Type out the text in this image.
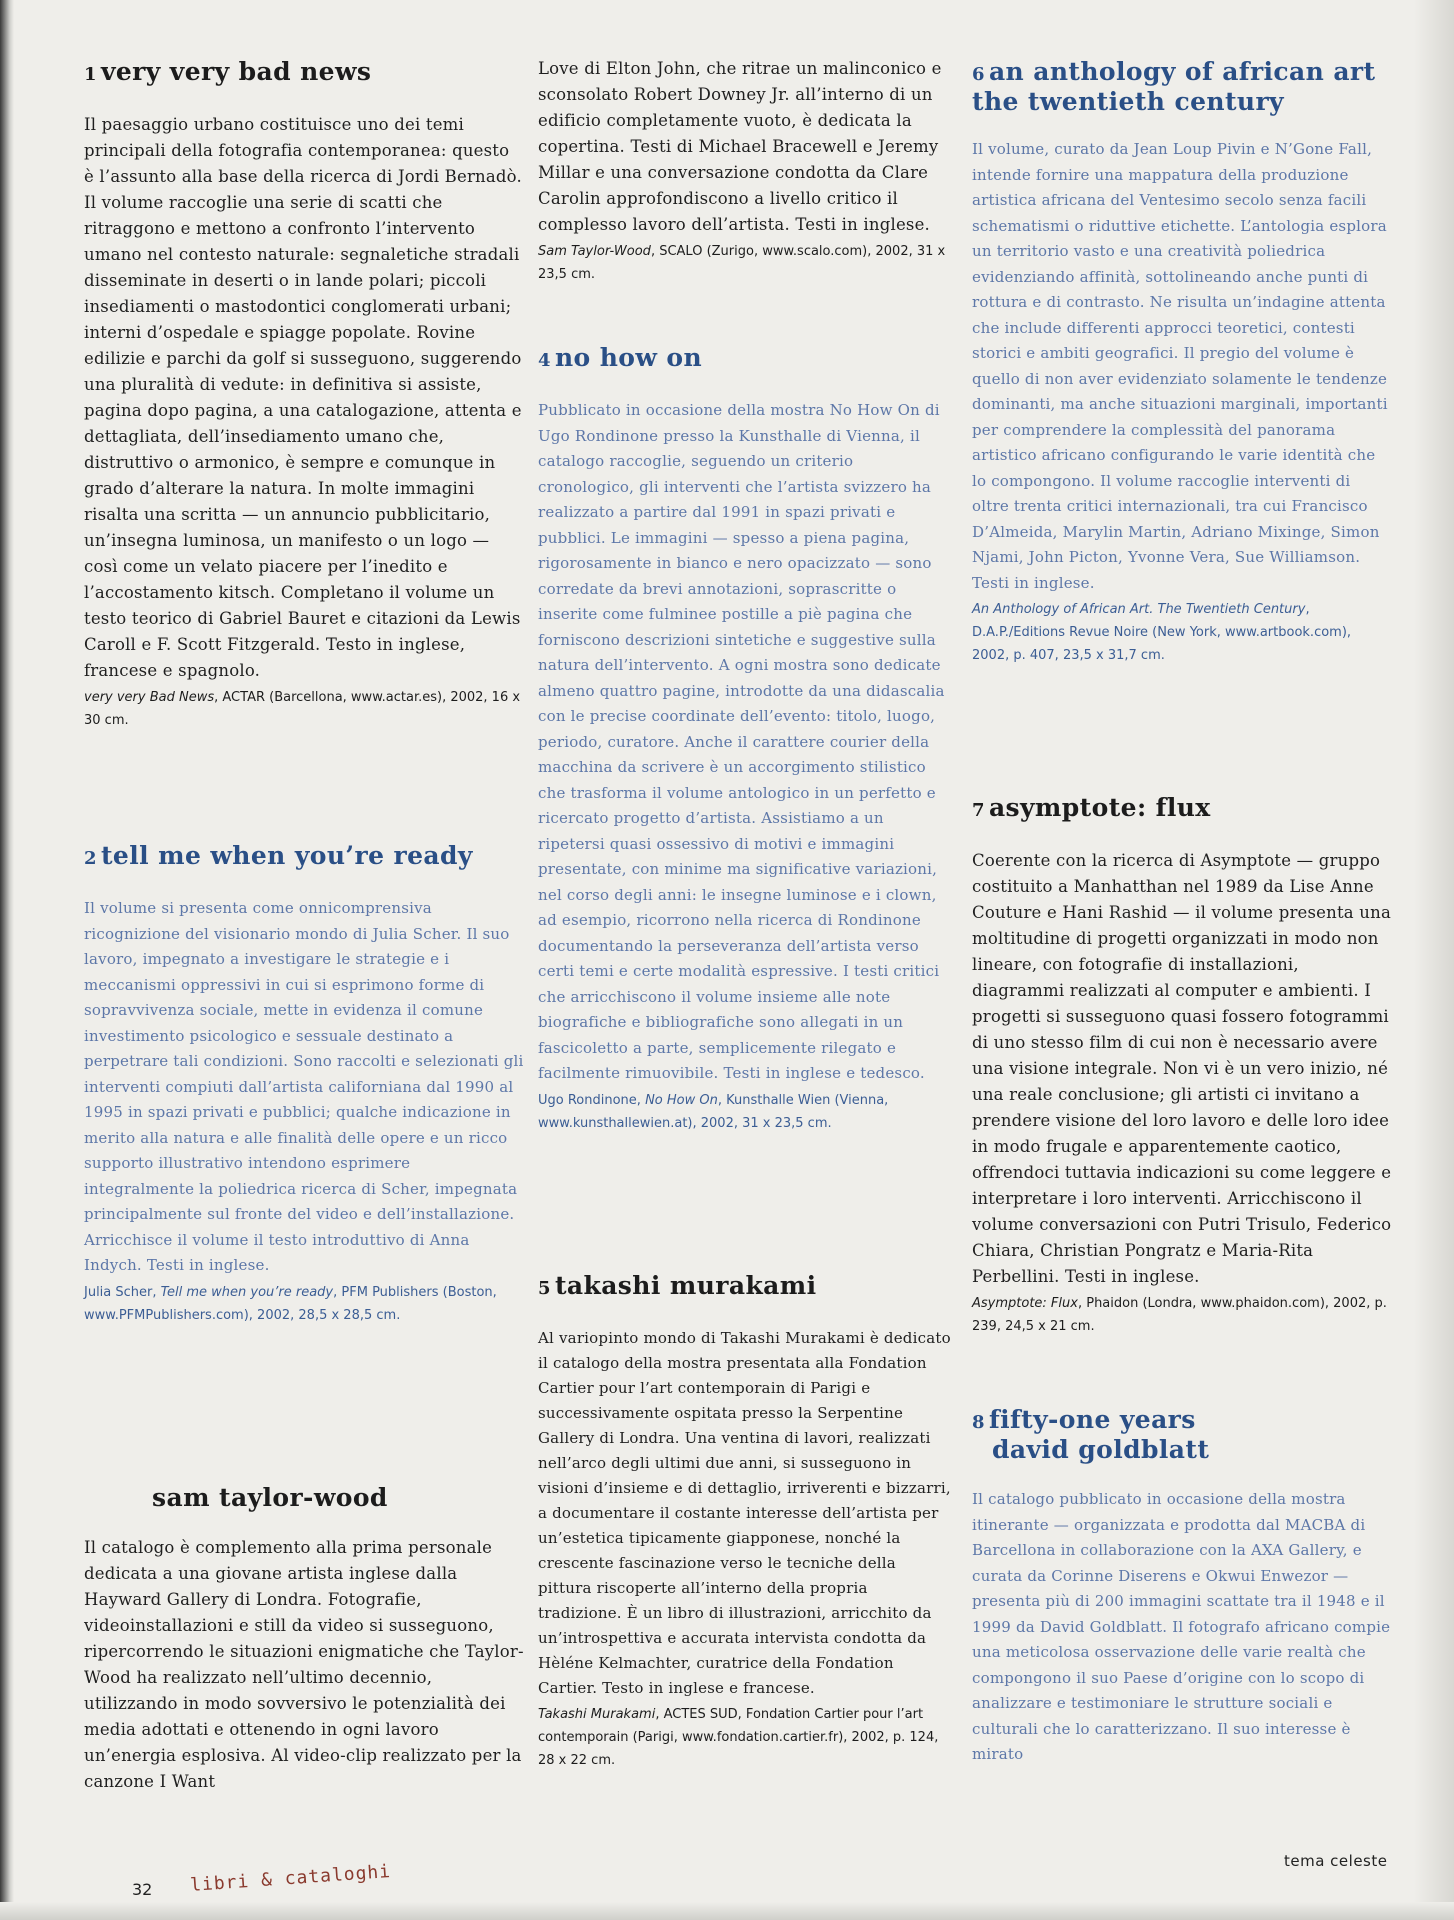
1 very very bad news

Il paesaggio urbano costituisce uno dei temi principali della fotografia contemporanea: questo è l’assunto alla base della ricerca di Jordi Bernadò. Il volume raccoglie una serie di scatti che ritraggono e mettono a confronto l’intervento umano nel contesto naturale: segnaletiche stradali disseminate in deserti o in lande polari; piccoli insediamenti o mastodontici conglomerati urbani; interni d’ospedale e spiagge popolate. Rovine edilizie e parchi da golf si susseguono, suggerendo una pluralità di vedute: in definitiva si assiste, pagina dopo pagina, a una catalogazione, attenta e dettagliata, dell’insediamento umano che, distruttivo o armonico, è sempre e comunque in grado d’alterare la natura. In molte immagini risalta una scritta — un annuncio pubblicitario, un’insegna luminosa, un manifesto o un logo — così come un velato piacere per l’inedito e l’accostamento kitsch. Completano il volume un testo teorico di Gabriel Bauret e citazioni da Lewis Caroll e F. Scott Fitzgerald. Testo in inglese, francese e spagnolo.

very very Bad News, ACTAR (Barcellona, www.actar.es), 2002, 16 x 30 cm.

2 tell me when you’re ready

Il volume si presenta come onnicomprensiva ricognizione del visionario mondo di Julia Scher. Il suo lavoro, impegnato a investigare le strategie e i meccanismi oppressivi in cui si esprimono forme di sopravvivenza sociale, mette in evidenza il comune investimento psicologico e sessuale destinato a perpetrare tali condizioni. Sono raccolti e selezionati gli interventi compiuti dall’artista californiana dal 1990 al 1995 in spazi privati e pubblici; qualche indicazione in merito alla natura e alle finalità delle opere e un ricco supporto illustrativo intendono esprimere integralmente la poliedrica ricerca di Scher, impegnata principalmente sul fronte del video e dell’installazione. Arricchisce il volume il testo introduttivo di Anna Indych. Testi in inglese.

Julia Scher, Tell me when you’re ready, PFM Publishers (Boston, www.PFMPublishers.com), 2002, 28,5 x 28,5 cm.

sam taylor-wood

Il catalogo è complemento alla prima personale dedicata a una giovane artista inglese dalla Hayward Gallery di Londra. Fotografie, videoinstallazioni e still da video si susseguono, ripercorrendo le situazioni enigmatiche che Taylor-Wood ha realizzato nell’ultimo decennio, utilizzando in modo sovversivo le potenzialità dei media adottati e ottenendo in ogni lavoro un’energia esplosiva. Al video-clip realizzato per la canzone I Want

Love di Elton John, che ritrae un malinconico e sconsolato Robert Downey Jr. all’interno di un edificio completamente vuoto, è dedicata la copertina. Testi di Michael Bracewell e Jeremy Millar e una conversazione condotta da Clare Carolin approfondiscono a livello critico il complesso lavoro dell’artista. Testi in inglese.

Sam Taylor-Wood, SCALO (Zurigo, www.scalo.com), 2002, 31 x 23,5 cm.

4 no how on

Pubblicato in occasione della mostra No How On di Ugo Rondinone presso la Kunsthalle di Vienna, il catalogo raccoglie, seguendo un criterio cronologico, gli interventi che l’artista svizzero ha realizzato a partire dal 1991 in spazi privati e pubblici. Le immagini — spesso a piena pagina, rigorosamente in bianco e nero opacizzato — sono corredate da brevi annotazioni, soprascritte o inserite come fulminee postille a piè pagina che forniscono descrizioni sintetiche e suggestive sulla natura dell’intervento. A ogni mostra sono dedicate almeno quattro pagine, introdotte da una didascalia con le precise coordinate dell’evento: titolo, luogo, periodo, curatore. Anche il carattere courier della macchina da scrivere è un accorgimento stilistico che trasforma il volume antologico in un perfetto e ricercato progetto d’artista. Assistiamo a un ripetersi quasi ossessivo di motivi e immagini presentate, con minime ma significative variazioni, nel corso degli anni: le insegne luminose e i clown, ad esempio, ricorrono nella ricerca di Rondinone documentando la perseveranza dell’artista verso certi temi e certe modalità espressive. I testi critici che arricchiscono il volume insieme alle note biografiche e bibliografiche sono allegati in un fascicoletto a parte, semplicemente rilegato e facilmente rimuovibile. Testi in inglese e tedesco.

Ugo Rondinone, No How On, Kunsthalle Wien (Vienna, www.kunsthallewien.at), 2002, 31 x 23,5 cm.

5 takashi murakami

Al variopinto mondo di Takashi Murakami è dedicato il catalogo della mostra presentata alla Fondation Cartier pour l’art contemporain di Parigi e successivamente ospitata presso la Serpentine Gallery di Londra. Una ventina di lavori, realizzati nell’arco degli ultimi due anni, si susseguono in visioni d’insieme e di dettaglio, irriverenti e bizzarri, a documentare il costante interesse dell’artista per un’estetica tipicamente giapponese, nonché la crescente fascinazione verso le tecniche della pittura riscoperte all’interno della propria tradizione. È un libro di illustrazioni, arricchito da un’introspettiva e accurata intervista condotta da Hèléne Kelmachter, curatrice della Fondation Cartier. Testo in inglese e francese.

Takashi Murakami, ACTES SUD, Fondation Cartier pour l’art contemporain (Parigi, www.fondation.cartier.fr), 2002, p. 124, 28 x 22 cm.

6 an anthology of african art the twentieth century

Il volume, curato da Jean Loup Pivin e N’Gone Fall, intende fornire una mappatura della produzione artistica africana del Ventesimo secolo senza facili schematismi o riduttive etichette. L’antologia esplora un territorio vasto e una creatività poliedrica evidenziando affinità, sottolineando anche punti di rottura e di contrasto. Ne risulta un’indagine attenta che include differenti approcci teoretici, contesti storici e ambiti geografici. Il pregio del volume è quello di non aver evidenziato solamente le tendenze dominanti, ma anche situazioni marginali, importanti per comprendere la complessità del panorama artistico africano configurando le varie identità che lo compongono. Il volume raccoglie interventi di oltre trenta critici internazionali, tra cui Francisco D’Almeida, Marylin Martin, Adriano Mixinge, Simon Njami, John Picton, Yvonne Vera, Sue Williamson. Testi in inglese.

An Anthology of African Art. The Twentieth Century, D.A.P./Editions Revue Noire (New York, www.artbook.com), 2002, p. 407, 23,5 x 31,7 cm.

7 asymptote: flux

Coerente con la ricerca di Asymptote — gruppo costituito a Manhatthan nel 1989 da Lise Anne Couture e Hani Rashid — il volume presenta una moltitudine di progetti organizzati in modo non lineare, con fotografie di installazioni, diagrammi realizzati al computer e ambienti. I progetti si susseguono quasi fossero fotogrammi di uno stesso film di cui non è necessario avere una visione integrale. Non vi è un vero inizio, né una reale conclusione; gli artisti ci invitano a prendere visione del loro lavoro e delle loro idee in modo frugale e apparentemente caotico, offrendoci tuttavia indicazioni su come leggere e interpretare i loro interventi. Arricchiscono il volume conversazioni con Putri Trisulo, Federico Chiara, Christian Pongratz e Maria-Rita Perbellini. Testi in inglese.

Asymptote: Flux, Phaidon (Londra, www.phaidon.com), 2002, p. 239, 24,5 x 21 cm.

8 fifty-one years
david goldblatt

Il catalogo pubblicato in occasione della mostra itinerante — organizzata e prodotta dal MACBA di Barcellona in collaborazione con la AXA Gallery, e curata da Corinne Diserens e Okwui Enwezor — presenta più di 200 immagini scattate tra il 1948 e il 1999 da David Goldblatt. Il fotografo africano compie una meticolosa osservazione delle varie realtà che compongono il suo Paese d’origine con lo scopo di analizzare e testimoniare le strutture sociali e culturali che lo caratterizzano. Il suo interesse è mirato

32 libri & cataloghi
tema celeste
